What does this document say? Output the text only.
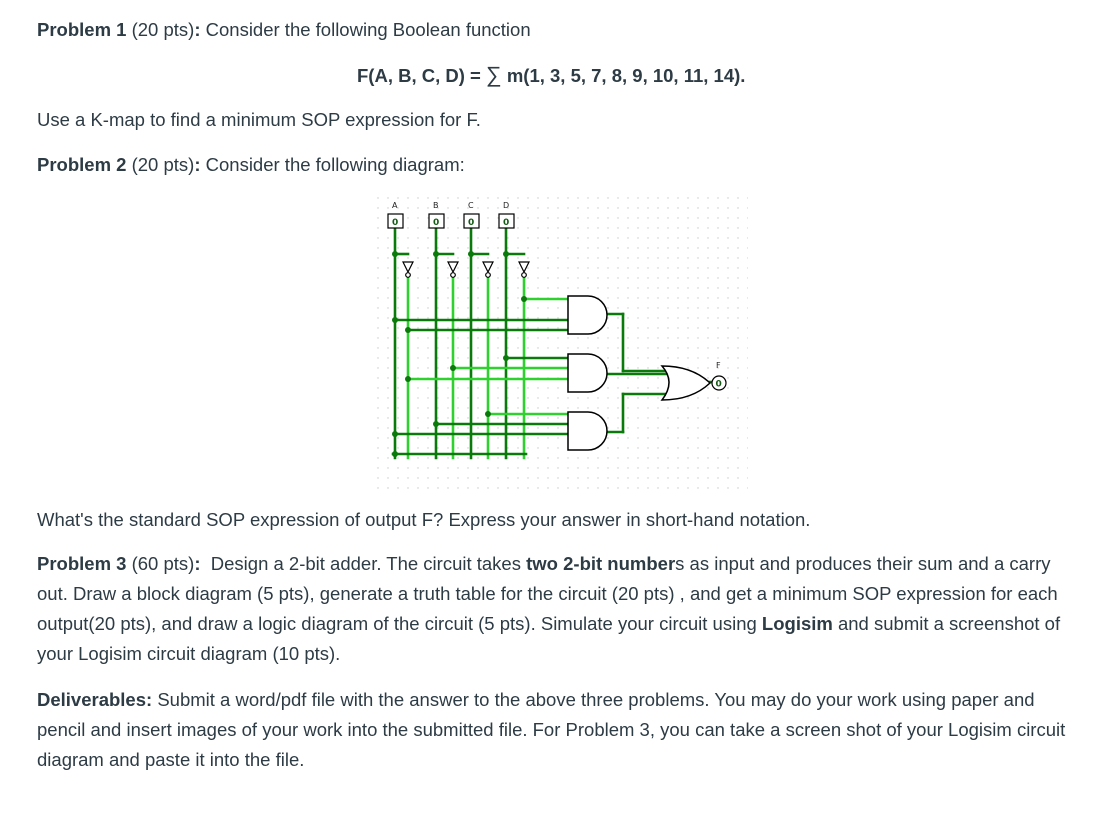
Problem 1 (20 pts): Consider the following Boolean function
F(A, B, C, D) = ∑ m(1, 3, 5, 7, 8, 9, 10, 11, 14).
Use a K-map to find a minimum SOP expression for F.
Problem 2 (20 pts): Consider the following diagram:
A
0
B
0
C
0
D
0
F
0
What's the standard SOP expression of output F? Express your answer in short-hand notation.
Problem 3 (60 pts): Design a 2-bit adder. The circuit takes two 2-bit numbers as input and produces their sum and a carry out. Draw a block diagram (5 pts), generate a truth table for the circuit (20 pts) , and get a minimum SOP expression for each output(20 pts), and draw a logic diagram of the circuit (5 pts). Simulate your circuit using Logisim and submit a screenshot of your Logisim circuit diagram (10 pts).
Deliverables: Submit a word/pdf file with the answer to the above three problems. You may do your work using paper and pencil and insert images of your work into the submitted file. For Problem 3, you can take a screen shot of your Logisim circuit diagram and paste it into the file.
